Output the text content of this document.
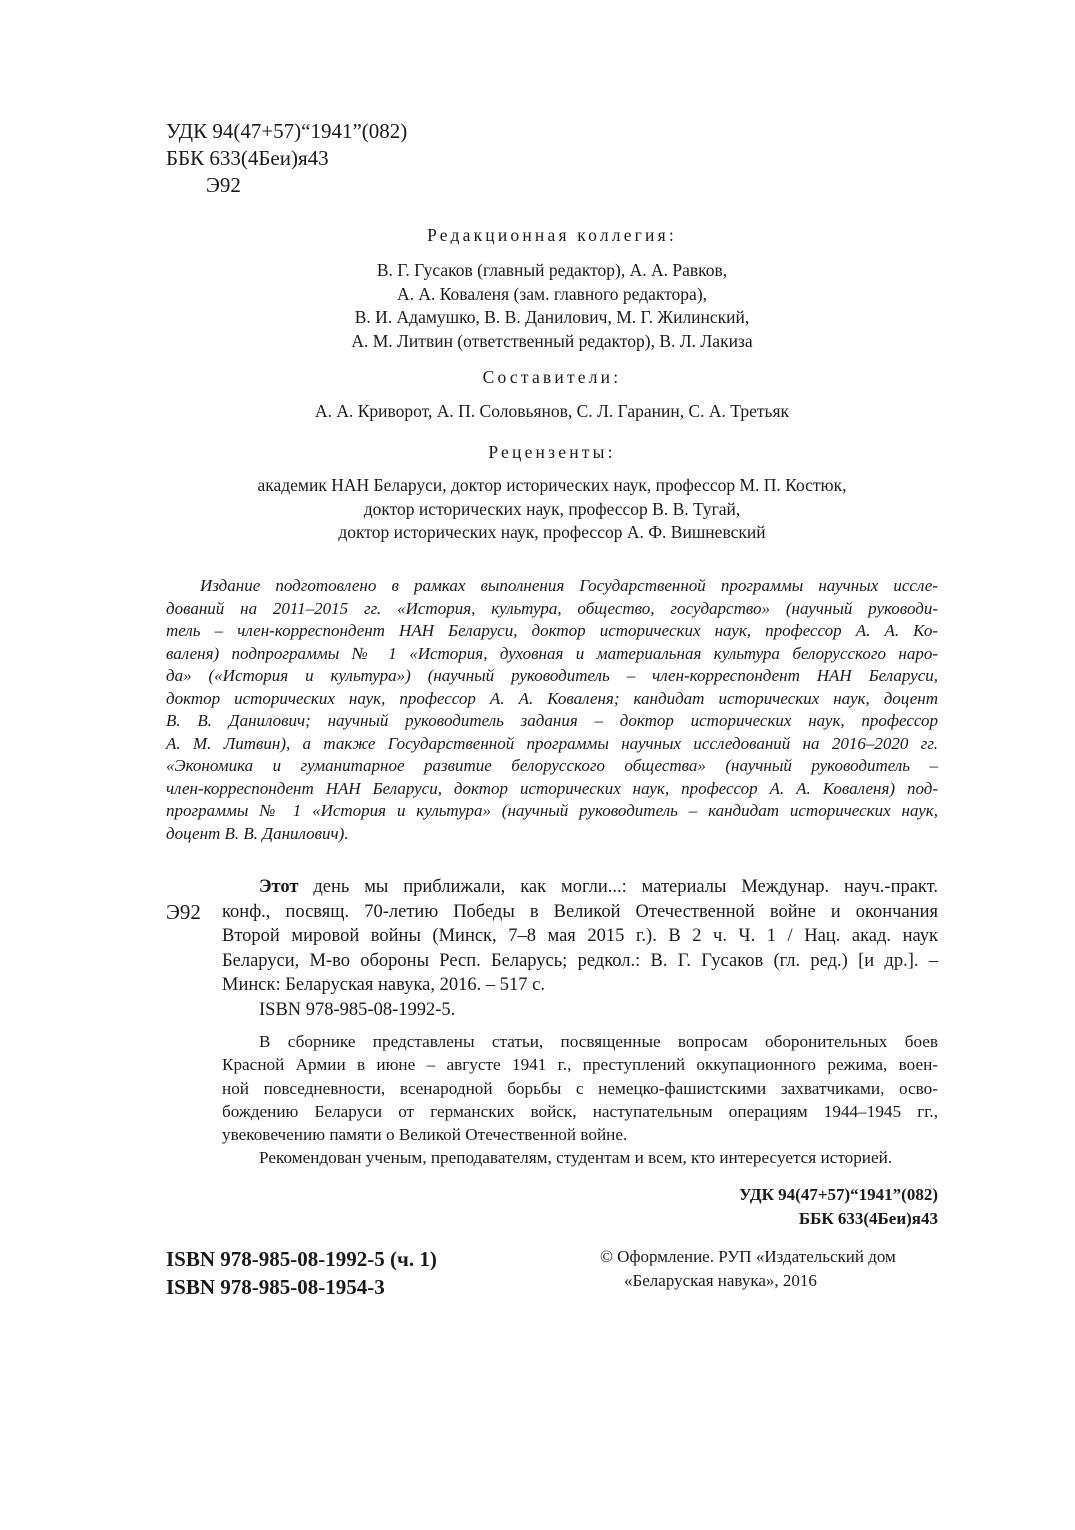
УДК 94(47+57)“1941”(082)
ББК 633(4Беи)я43
Э92
Редакционная коллегия:
В. Г. Гусаков (главный редактор), А. А. Равков,
А. А. Коваленя (зам. главного редактора),
В. И. Адамушко, В. В. Данилович, М. Г. Жилинский,
А. М. Литвин (ответственный редактор), В. Л. Лакиза
Составители:
А. А. Криворот, А. П. Соловьянов, С. Л. Гаранин, С. А. Третьяк
Рецензенты:
академик НАН Беларуси, доктор исторических наук, профессор М. П. Костюк,
доктор исторических наук, профессор В. В. Тугай,
доктор исторических наук, профессор А. Ф. Вишневский
Издание подготовлено в рамках выполнения Государственной программы научных иссле-
дований на 2011–2015 гг. «История, культура, общество, государство» (научный руководи-
тель – член-корреспондент НАН Беларуси, доктор исторических наук, профессор А. А. Ко-
валеня) подпрограммы № 1 «История, духовная и материальная культура белорусского наро-
да» («История и культура») (научный руководитель – член-корреспондент НАН Беларуси,
доктор исторических наук, профессор А. А. Коваленя; кандидат исторических наук, доцент
В. В. Данилович; научный руководитель задания – доктор исторических наук, профессор
А. М. Литвин), а также Государственной программы научных исследований на 2016–2020 гг.
«Экономика и гуманитарное развитие белорусского общества» (научный руководитель –
член-корреспондент НАН Беларуси, доктор исторических наук, профессор А. А. Коваленя) под-
программы № 1 «История и культура» (научный руководитель – кандидат исторических наук,
доцент В. В. Данилович).
Э92
Этот день мы приближали, как могли...: материалы Междунар. науч.-практ.
конф., посвящ. 70-летию Победы в Великой Отечественной войне и окончания
Второй мировой войны (Минск, 7–8 мая 2015 г.). В 2 ч. Ч. 1 / Нац. акад. наук
Беларуси, М-во обороны Респ. Беларусь; редкол.: В. Г. Гусаков (гл. ред.) [и др.]. –
Минск: Беларуская навука, 2016. – 517 с.
ISBN 978-985-08-1992-5.
В сборнике представлены статьи, посвященные вопросам оборонительных боев
Красной Армии в июне – августе 1941 г., преступлений оккупационного режима, воен-
ной повседневности, всенародной борьбы с немецко-фашистскими захватчиками, осво-
бождению Беларуси от германских войск, наступательным операциям 1944–1945 гг.,
увековечению памяти о Великой Отечественной войне.
Рекомендован ученым, преподавателям, студентам и всем, кто интересуется историей.
УДК 94(47+57)“1941”(082)
ББК 633(4Беи)я43
ISBN 978-985-08-1992-5 (ч. 1)
ISBN 978-985-08-1954-3
© Оформление. РУП «Издательский дом
«Беларуская навука», 2016
